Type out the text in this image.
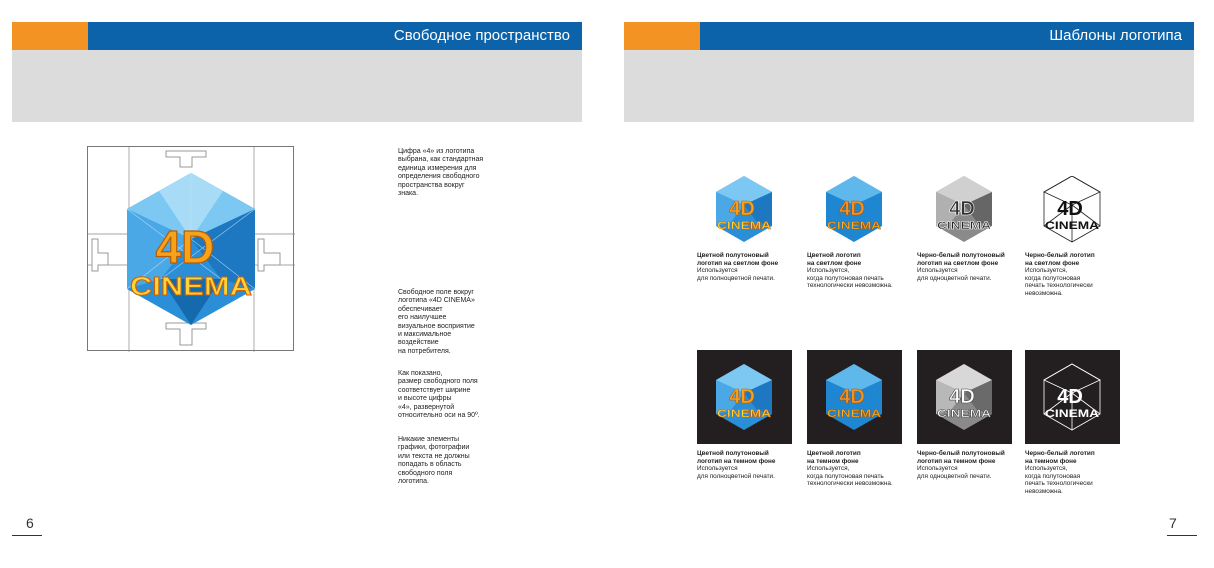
Свободное пространство
4D
CINEMA
Цифра «4» из логотипа
выбрана, как стандартная
единица измерения для
определения свободного
пространства вокруг
знака.
Свободное поле вокруг
логотипа «4D CINEMA»
обеспечивает
его наилучшее
визуальное восприятие
и максимальное
воздействие
на потребителя.
Как показано,
размер свободного поля
соответствует ширине
и высоте цифры
«4», развернутой
относительно оси на 90º.
Никакие элементы
графики, фотографии
или текста не должны
попадать в область
свободного поля
логотипа.
6
Шаблоны логотипа
4D
CINEMA
Цветной полутоновый
логотип на светлом фоне
Используется
для полноцветной печати.
4D
CINEMA
Цветной логотип
на светлом фоне
Используется,
когда полутоновая печать
технологически невозможна.
4D
CINEMA
Черно-белый полутоновый
логотип на светлом фоне
Используется
для одноцветной печати.
4D
CINEMA
Черно-белый логотип
на светлом фоне
Используется,
когда полутоновая
печать технологически
невозможна.
4D
CINEMA
Цветной полутоновый
логотип на темном фоне
Используется
для полноцветной печати.
4D
CINEMA
Цветной логотип
на темном фоне
Используется,
когда полутоновая печать
технологически невозможна.
4D
CINEMA
Черно-белый полутоновый
логотип на темном фоне
Используется
для одноцветной печати.
4D
CINEMA
Черно-белый логотип
на темном фоне
Используется,
когда полутоновая
печать технологически
невозможна.
7
